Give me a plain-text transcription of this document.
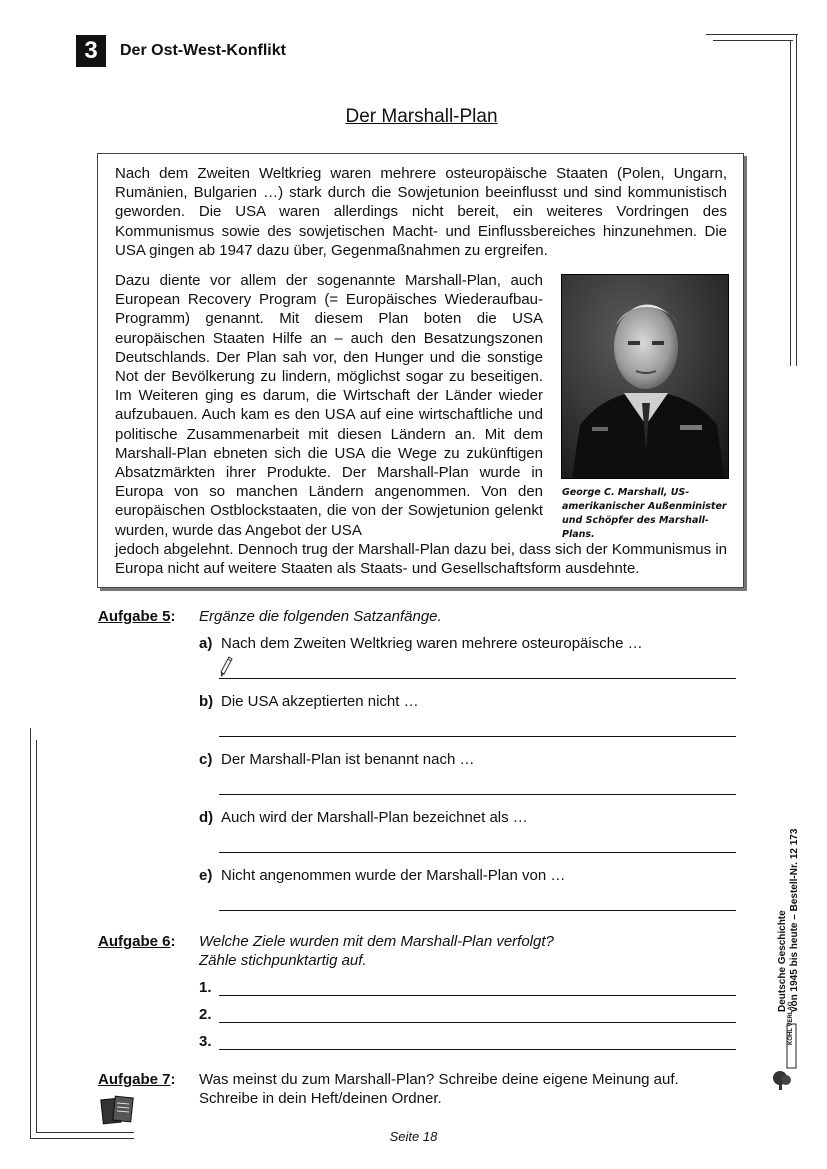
3	Der Ost-West-Konflikt
Der Marshall-Plan
Nach dem Zweiten Weltkrieg waren mehrere osteuropäische Staaten (Polen, Ungarn, Rumänien, Bulgarien …) stark durch die Sowjetunion beeinflusst und sind kommunistisch geworden. Die USA waren allerdings nicht bereit, ein weiteres Vordringen des Kommunismus sowie des sowjetischen Macht- und Einflussbereiches hinzunehmen. Die USA gingen ab 1947 dazu über, Gegenmaßnahmen zu ergreifen.
Dazu diente vor allem der sogenannte Marshall-Plan, auch European Recovery Program (= Europäisches Wiederaufbau-Programm) genannt. Mit diesem Plan boten die USA europäischen Staaten Hilfe an – auch den Besatzungszonen Deutschlands. Der Plan sah vor, den Hunger und die sonstige Not der Bevölkerung zu lindern, möglichst sogar zu beseitigen. Im Weiteren ging es darum, die Wirtschaft der Länder wieder aufzubauen. Auch kam es den USA auf eine wirtschaftliche und politische Zusammenarbeit mit diesen Ländern an. Mit dem Marshall-Plan ebneten sich die USA die Wege zu zukünftigen Absatzmärkten ihrer Produkte. Der Marshall-Plan wurde in Europa von so manchen Ländern angenommen. Von den europäischen Ostblockstaaten, die von der Sowjetunion gelenkt wurden, wurde das Angebot der USA
jedoch abgelehnt. Dennoch trug der Marshall-Plan dazu bei, dass sich der Kommunismus in Europa nicht auf weitere Staaten als Staats- und Gesellschaftsform ausdehnte.
George C. Marshall, US-amerikanischer Außenminister und Schöpfer des Marshall-Plans.
Aufgabe 5: Ergänze die folgenden Satzanfänge.
a) Nach dem Zweiten Weltkrieg waren mehrere osteuropäische …
b) Die USA akzeptierten nicht …
c) Der Marshall-Plan ist benannt nach …
d) Auch wird der Marshall-Plan bezeichnet als …
e) Nicht angenommen wurde der Marshall-Plan von …
Aufgabe 6: Welche Ziele wurden mit dem Marshall-Plan verfolgt?
Zähle stichpunktartig auf.
1.
2.
3.
Aufgabe 7: Was meinst du zum Marshall-Plan? Schreibe deine eigene Meinung auf.
Schreibe in dein Heft/deinen Ordner.
Deutsche Geschichte von 1945 bis heute – Bestell-Nr. 12 173
KOHL VERLAG
Seite 18
